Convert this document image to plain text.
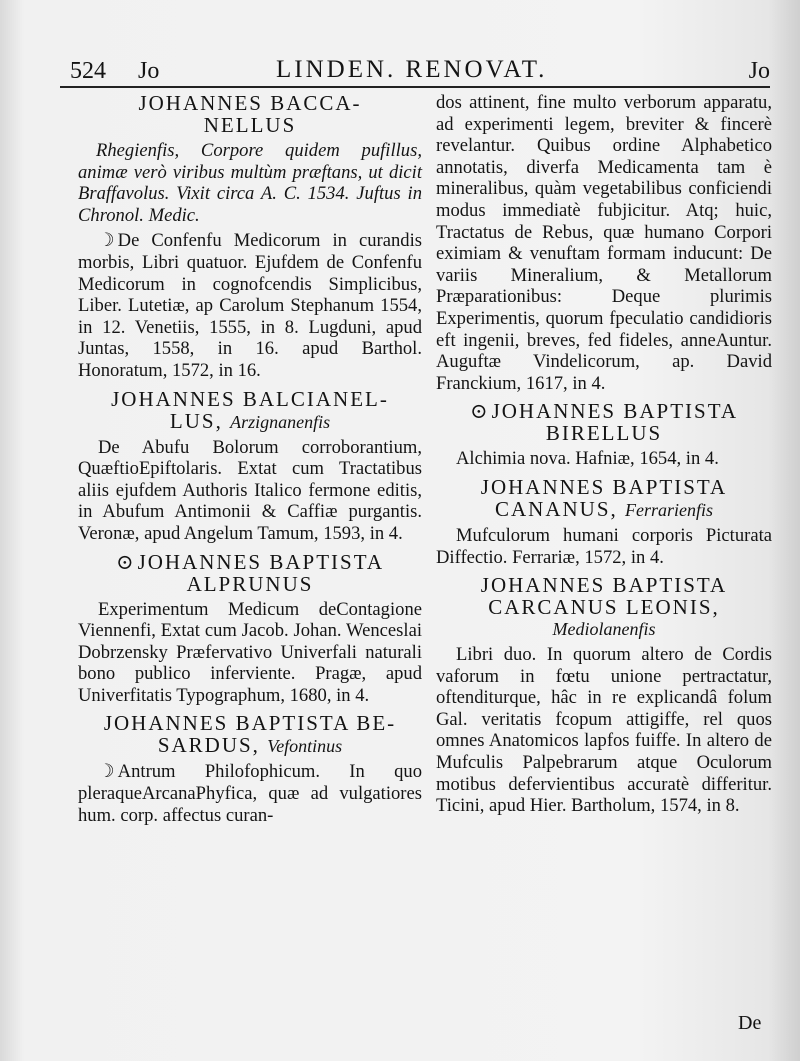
524 Jo	LINDEN. RENOVAT.	Jo
JOHANNES BACCA-
NELLUS

Rhegienfis, Corpore quidem pufillus, animæ verò viribus multùm præftans, ut dicit Braffavolus. Vixit circa A. C. 1534. Juftus in Chronol. Medic.

☽ De Confenfu Medicorum in curandis morbis, Libri quatuor. Ejufdem de Confenfu Medicorum in cognofcendis Simplicibus, Liber. Lutetiæ, ap Carolum Stephanum 1554, in 12. Venetiis, 1555, in 8. Lugduni, apud Juntas, 1558, in 16. apud Barthol. Honoratum, 1572, in 16.

JOHANNES BALCIANEL-
LUS, Arzignanenfis

De Abufu Bolorum corroborantium, QuæftioEpiftolaris. Extat cum Tractatibus aliis ejufdem Authoris Italico fermone editis, in Abufum Antimonii & Caffiæ purgantis. Veronæ, apud Angelum Tamum, 1593, in 4.

⊙ JOHANNES BAPTISTA
ALPRUNUS

Experimentum Medicum deContagione Viennenfi, Extat cum Jacob. Johan. Wenceslai Dobrzensky Præfervativo Univerfali naturali bono publico inferviente. Pragæ, apud Univerfitatis Typographum, 1680, in 4.

JOHANNES BAPTISTA BE-
SARDUS, Vefontinus

☽ Antrum Philofophicum. In quo pleraqueArcanaPhyfica, quæ ad vulgatiores hum. corp. affectus curan-

dos attinent, fine multo verborum apparatu, ad experimenti legem, breviter & fincerè revelantur. Quibus ordine Alphabetico annotatis, diverfa Medicamenta tam è mineralibus, quàm vegetabilibus conficiendi modus immediatè fubjicitur. Atq; huic, Tractatus de Rebus, quæ humano Corpori eximiam & venuftam formam inducunt: De variis Mineralium, & Metallorum Præparationibus: Deque plurimis Experimentis, quorum fpeculatio candidioris eft ingenii, breves, fed fideles, anneAuntur. Auguftæ Vindelicorum, ap. David Franckium, 1617, in 4.

⊙ JOHANNES BAPTISTA
BIRELLUS

Alchimia nova. Hafniæ, 1654, in 4.

JOHANNES BAPTISTA
CANANUS, Ferrarienfis

Mufculorum humani corporis Picturata Diffectio. Ferrariæ, 1572, in 4.

JOHANNES BAPTISTA
CARCANUS LEONIS,
Mediolanenfis

Libri duo. In quorum altero de Cordis vaforum in fœtu unione pertractatur, oftenditurque, hâc in re explicandâ folum Gal. veritatis fcopum attigiffe, rel quos omnes Anatomicos lapfos fuiffe. In altero de Mufculis Palpebrarum atque Oculorum motibus defervientibus accuratè differitur. Ticini, apud Hier. Bartholum, 1574, in 8.

De
